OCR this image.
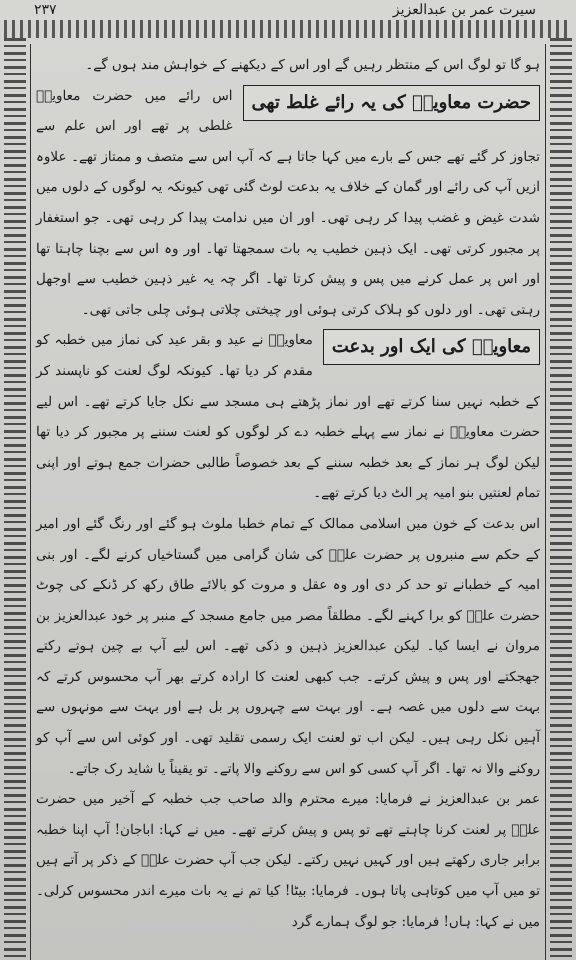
۲۳۷	سیرت عمر بن عبدالعزیز

ہو گا تو لوگ اس کے منتظر رہیں گے اور اس کے دیکھنے کے خواہش مند ہوں گے۔

حضرت معاویہؓ کی یہ رائے غلط تھی

اس رائے میں حضرت معاویہؓ غلطی پر تھے اور اس علم سے تجاوز کر گئے تھے جس کے بارے میں کہا جاتا ہے کہ آپ اس سے متصف و ممتاز تھے۔ علاوہ ازیں آپ کی رائے اور گمان کے خلاف یہ بدعت لوٹ گئی تھی کیونکہ یہ لوگوں کے دلوں میں شدت غیض و غضب پیدا کر رہی تھی۔ اور ان میں ندامت پیدا کر رہی تھی۔ جو استغفار پر مجبور کرتی تھی۔ ایک ذہین خطیب یہ بات سمجھتا تھا۔ اور وہ اس سے بچنا چاہتا تھا اور اس پر عمل کرنے میں پس و پیش کرتا تھا۔ اگر چہ یہ غیر ذہین خطیب سے اوجھل رہتی تھی۔ اور دلوں کو ہلاک کرتی ہوئی اور چیختی چلاتی ہوئی چلی جاتی تھی۔

معاویہؓ کی ایک اور بدعت

معاویہؓ نے عید و بقر عید کی نماز میں خطبہ کو مقدم کر دیا تھا۔ کیونکہ لوگ لعنت کو ناپسند کر کے خطبہ نہیں سنا کرتے تھے اور نماز پڑھتے ہی مسجد سے نکل جایا کرتے تھے۔ اس لیے حضرت معاویہؓ نے نماز سے پہلے خطبہ دے کر لوگوں کو لعنت سننے پر مجبور کر دیا تھا لیکن لوگ ہر نماز کے بعد خطبہ سننے کے بعد خصوصاً طالبی حضرات جمع ہوتے اور اپنی تمام لعنتیں بنو امیہ پر الٹ دیا کرتے تھے۔

اس بدعت کے خون میں اسلامی ممالک کے تمام خطبا ملوث ہو گئے اور رنگ گئے اور امیر کے حکم سے منبروں پر حضرت علیؓ کی شان گرامی میں گستاخیاں کرنے لگے۔ اور بنی امیہ کے خطبانے تو حد کر دی اور وہ عقل و مروت کو بالائے طاق رکھ کر ڈنکے کی چوٹ حضرت علیؓ کو برا کہنے لگے۔ مطلقاً مصر میں جامع مسجد کے منبر پر خود عبدالعزیز بن مروان نے ایسا کیا۔ لیکن عبدالعزیز ذہین و ذکی تھے۔ اس لیے آپ بے چین ہوتے رکتے جھجکتے اور پس و پیش کرتے۔ جب کبھی لعنت کا ارادہ کرتے بھر آپ محسوس کرتے کہ بہت سے دلوں میں غصہ ہے۔ اور بہت سے چہروں پر بل ہے اور بہت سے مونہوں سے آہیں نکل رہی ہیں۔ لیکن اب تو لعنت ایک رسمی تقلید تھی۔ اور کوئی اس سے آپ کو روکنے والا نہ تھا۔ اگر آپ کسی کو اس سے روکنے والا پاتے۔ تو یقیناً یا شاید رک جاتے۔

عمر بن عبدالعزیز نے فرمایا: میرے محترم والد صاحب جب خطبہ کے آخیر میں حضرت علیؓ پر لعنت کرنا چاہتے تھے تو پس و پیش کرتے تھے۔ میں نے کہا: اباجان! آپ اپنا خطبہ برابر جاری رکھتے ہیں اور کہیں نہیں رکتے۔ لیکن جب آپ حضرت علیؓ کے ذکر پر آتے ہیں تو میں آپ میں کوتاہی پاتا ہوں۔ فرمایا: بیٹا! کیا تم نے یہ بات میرے اندر محسوس کرلی۔ میں نے کہا: ہاں! فرمایا: جو لوگ ہمارے گرد
